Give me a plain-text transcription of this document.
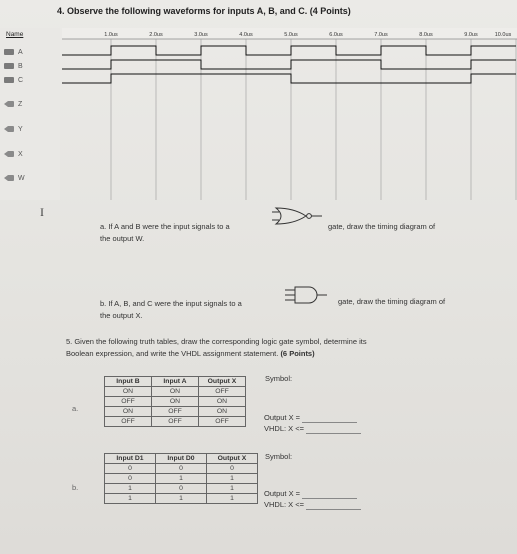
4. Observe the following waveforms for inputs A, B, and C. (4 Points)
Name
A
B
C
Z
Y
X
W
1.0us	2.0us	3.0us	4.0us	5.0us	6.0us	7.0us	8.0us	9.0us	10.0us
I
a. If A and B were the input signals to a	gate, draw the timing diagram of
the output W.
b. If A, B, and C were the input signals to a	gate, draw the timing diagram of
the output X.
5. Given the following truth tables, draw the corresponding logic gate symbol, determine its
Boolean expression, and write the VHDL assignment statement. (6 Points)
a.
Input B	Input A	Output X
ON	ON	OFF
OFF	ON	ON
ON	OFF	ON
OFF	OFF	OFF
Symbol:
Output X =
VHDL: X <=
b.
Input D1	Input D0	Output X
0	0	0
0	1	1
1	0	1
1	1	1
Symbol:
Output X =
VHDL: X <=
